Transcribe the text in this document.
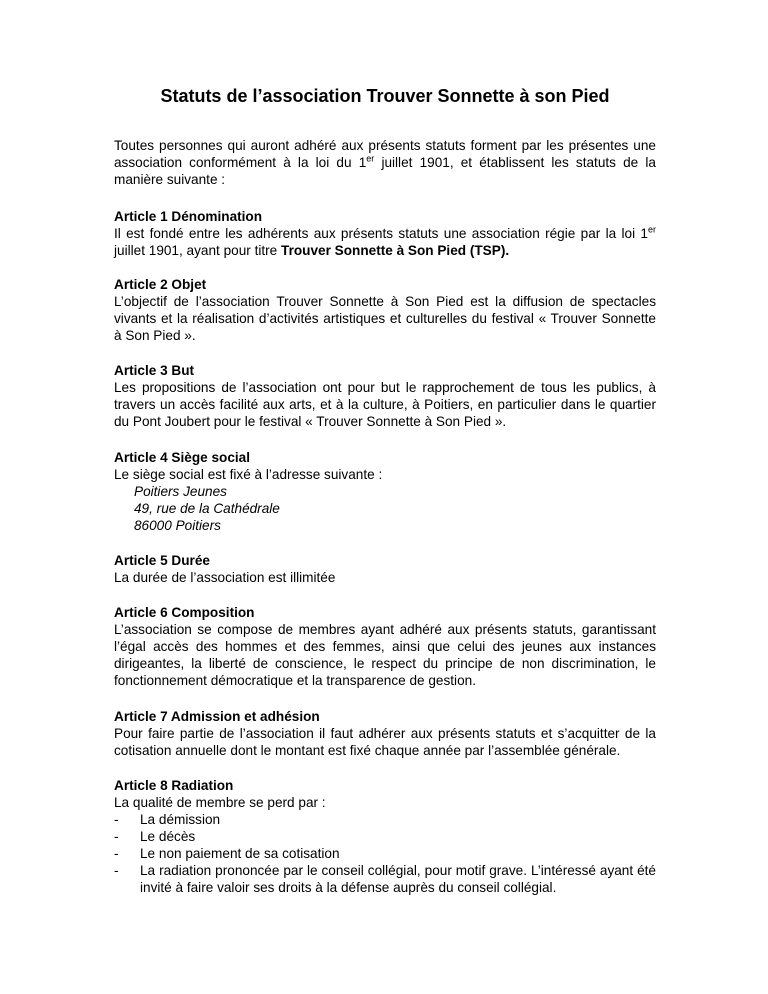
Statuts de l’association Trouver Sonnette à son Pied

Toutes personnes qui auront adhéré aux présents statuts forment par les présentes une association conformément à la loi du 1er juillet 1901, et établissent les statuts de la manière suivante :

Article 1 Dénomination

Il est fondé entre les adhérents aux présents statuts une association régie par la loi 1er juillet 1901, ayant pour titre Trouver Sonnette à Son Pied (TSP).

Article 2 Objet

L’objectif de l’association Trouver Sonnette à Son Pied est la diffusion de spectacles vivants et la réalisation d’activités artistiques et culturelles du festival « Trouver Sonnette à Son Pied ».

Article 3 But

Les propositions de l’association ont pour but le rapprochement de tous les publics, à travers un accès facilité aux arts, et à la culture, à Poitiers, en particulier dans le quartier du Pont Joubert pour le festival « Trouver Sonnette à Son Pied ».

Article 4 Siège social

Le siège social est fixé à l’adresse suivante :

Poitiers Jeunes
49, rue de la Cathédrale
86000 Poitiers
Article 5 Durée

La durée de l’association est illimitée

Article 6 Composition

L’association se compose de membres ayant adhéré aux présents statuts, garantissant l’égal accès des hommes et des femmes, ainsi que celui des jeunes aux instances dirigeantes, la liberté de conscience, le respect du principe de non discrimination, le fonctionnement démocratique et la transparence de gestion.

Article 7 Admission et adhésion

Pour faire partie de l’association il faut adhérer aux présents statuts et s’acquitter de la cotisation annuelle dont le montant est fixé chaque année par l’assemblée générale.

Article 8 Radiation

La qualité de membre se perd par :

- La démission
- Le décès
- Le non paiement de sa cotisation
- La radiation prononcée par le conseil collégial, pour motif grave. L’intéressé ayant été invité à faire valoir ses droits à la défense auprès du conseil collégial.
